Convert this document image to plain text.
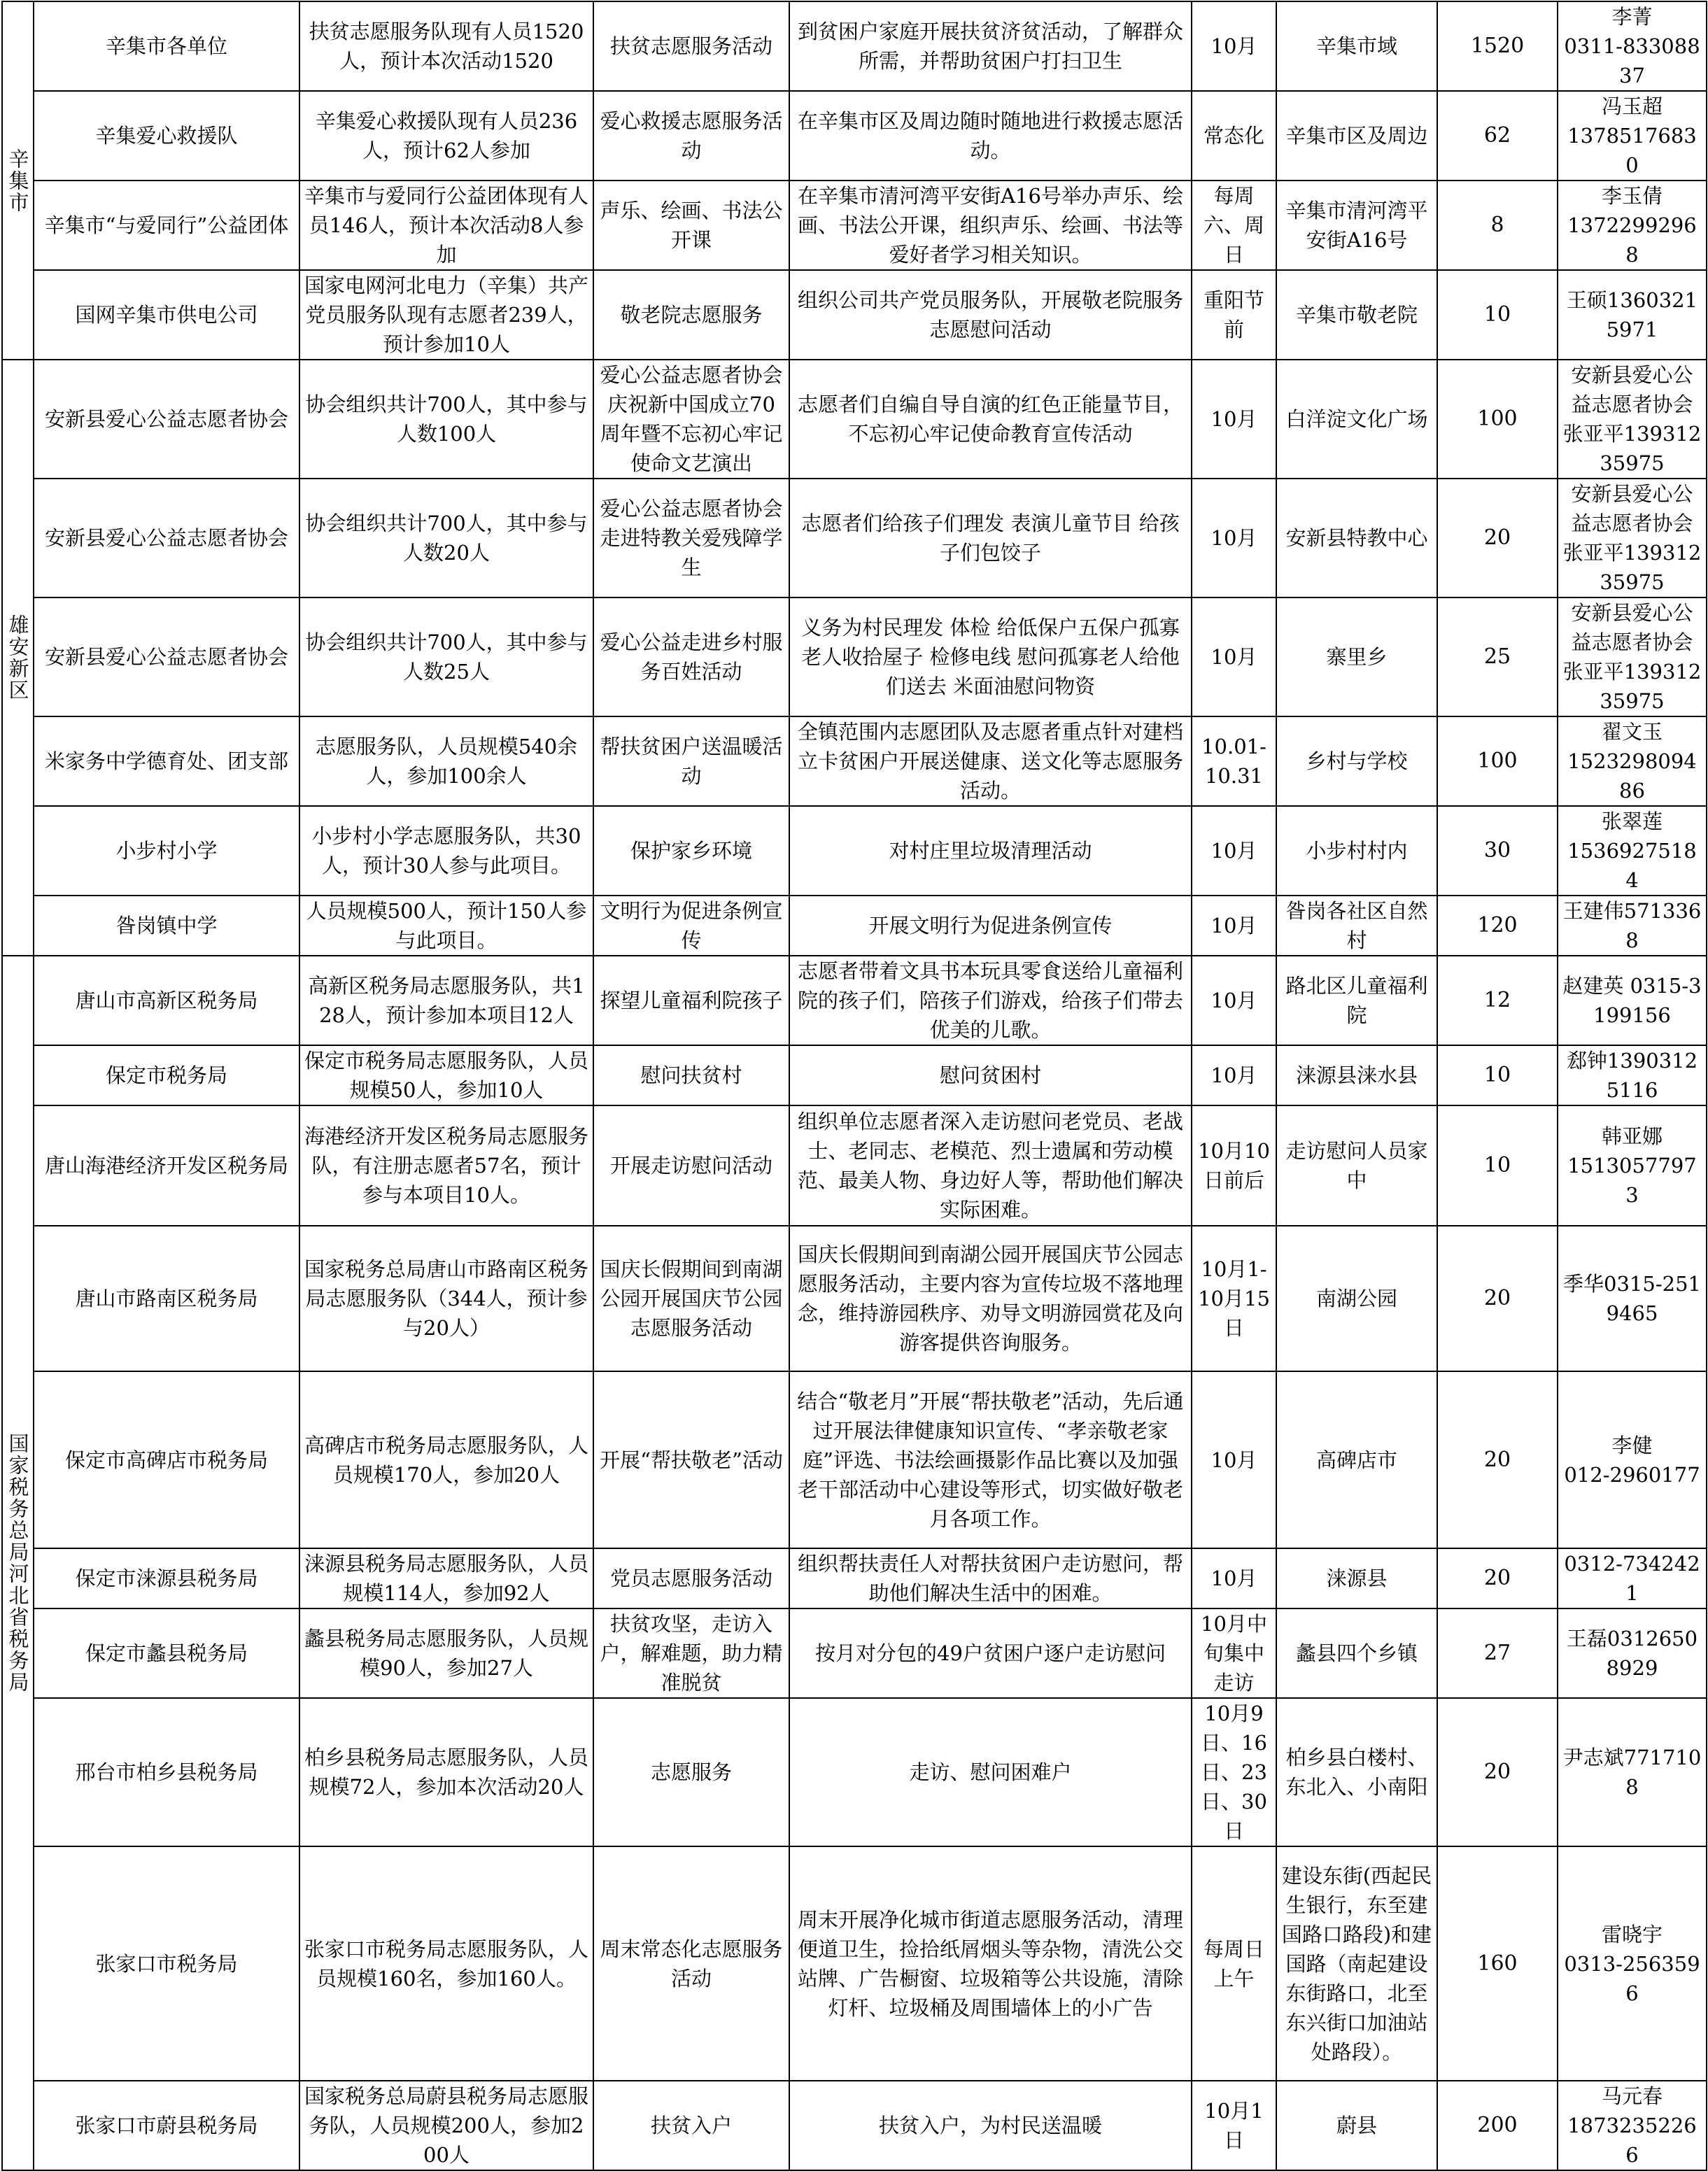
辛集市	辛集市各单位	扶贫志愿服务队现有人员1520人，预计本次活动1520	扶贫志愿服务活动	到贫困户家庭开展扶贫济贫活动，了解群众所需，并帮助贫困户打扫卫生	10月	辛集市域	1520	李菁
0311-83308837
	辛集爱心救援队	辛集爱心救援队现有人员236人，预计62人参加	爱心救援志愿服务活动	在辛集市区及周边随时随地进行救援志愿活动。	常态化	辛集市区及周边	62	冯玉超
13785176830
	辛集市“与爱同行”公益团体	辛集市与爱同行公益团体现有人员146人，预计本次活动8人参加	声乐、绘画、书法公开课	在辛集市清河湾平安街A16号举办声乐、绘画、书法公开课，组织声乐、绘画、书法等爱好者学习相关知识。	每周六、周日	辛集市清河湾平安街A16号	8	李玉倩
13722992968
	国网辛集市供电公司	国家电网河北电力（辛集）共产党员服务队现有志愿者239人，预计参加10人	敬老院志愿服务	组织公司共产党员服务队，开展敬老院服务志愿慰问活动	重阳节前	辛集市敬老院	10	王硕13603215971
雄安新区	安新县爱心公益志愿者协会	协会组织共计700人，其中参与人数100人	爱心公益志愿者协会庆祝新中国成立70周年暨不忘初心牢记使命文艺演出	志愿者们自编自导自演的红色正能量节目，不忘初心牢记使命教育宣传活动	10月	白洋淀文化广场	100	安新县爱心公益志愿者协会张亚平13931235975
	安新县爱心公益志愿者协会	协会组织共计700人，其中参与人数20人	爱心公益志愿者协会走进特教关爱残障学生	志愿者们给孩子们理发 表演儿童节目 给孩子们包饺子	10月	安新县特教中心	20	安新县爱心公益志愿者协会张亚平13931235975
	安新县爱心公益志愿者协会	协会组织共计700人，其中参与人数25人	爱心公益走进乡村服务百姓活动	义务为村民理发 体检 给低保户五保户孤寡老人收拾屋子 检修电线 慰问孤寡老人给他们送去 米面油慰问物资	10月	寨里乡	25	安新县爱心公益志愿者协会张亚平13931235975
	米家务中学德育处、团支部	志愿服务队，人员规模540余人，参加100余人	帮扶贫困户送温暖活动	全镇范围内志愿团队及志愿者重点针对建档立卡贫困户开展送健康、送文化等志愿服务活动。	10.01-10.31	乡村与学校	100	翟文玉
152329809486
	小步村小学	小步村小学志愿服务队，共30人，预计30人参与此项目。	保护家乡环境	对村庄里垃圾清理活动	10月	小步村村内	30	张翠莲
15369275184
	昝岗镇中学	人员规模500人，预计150人参与此项目。	文明行为促进条例宣传	开展文明行为促进条例宣传	10月	昝岗各社区自然村	120	王建伟5713368
国家税务总局河北省税务局	唐山市高新区税务局	高新区税务局志愿服务队，共128人，预计参加本项目12人	探望儿童福利院孩子	志愿者带着文具书本玩具零食送给儿童福利院的孩子们，陪孩子们游戏，给孩子们带去优美的儿歌。	10月	路北区儿童福利院	12	赵建英 0315-3199156
	保定市税务局	保定市税务局志愿服务队，人员规模50人，参加10人	慰问扶贫村	慰问贫困村	10月	涞源县涞水县	10	郄钟13903125116
	唐山海港经济开发区税务局	海港经济开发区税务局志愿服务队，有注册志愿者57名，预计参与本项目10人。	开展走访慰问活动	组织单位志愿者深入走访慰问老党员、老战士、老同志、老模范、烈士遗属和劳动模范、最美人物、身边好人等，帮助他们解决实际困难。	10月10日前后	走访慰问人员家中	10	韩亚娜
15130577973
	唐山市路南区税务局	国家税务总局唐山市路南区税务局志愿服务队（344人，预计参与20人）	国庆长假期间到南湖公园开展国庆节公园志愿服务活动	国庆长假期间到南湖公园开展国庆节公园志愿服务活动，主要内容为宣传垃圾不落地理念，维持游园秩序、劝导文明游园赏花及向游客提供咨询服务。	10月1-10月15日	南湖公园	20	季华0315-2519465
	保定市高碑店市税务局	高碑店市税务局志愿服务队，人员规模170人，参加20人	开展“帮扶敬老”活动	结合“敬老月”开展“帮扶敬老”活动，先后通过开展法律健康知识宣传、“孝亲敬老家庭”评选、书法绘画摄影作品比赛以及加强老干部活动中心建设等形式，切实做好敬老月各项工作。	10月	高碑店市	20	李健
012-2960177
	保定市涞源县税务局	涞源县税务局志愿服务队，人员规模114人，参加92人	党员志愿服务活动	组织帮扶责任人对帮扶贫困户走访慰问，帮助他们解决生活中的困难。	10月	涞源县	20	0312-7342421
	保定市蠡县税务局	蠡县税务局志愿服务队，人员规模90人，参加27人	扶贫攻坚，走访入户，解难题，助力精准脱贫	按月对分包的49户贫困户逐户走访慰问	10月中旬集中走访	蠡县四个乡镇	27	王磊03126508929
	邢台市柏乡县税务局	柏乡县税务局志愿服务队，人员规模72人，参加本次活动20人	志愿服务	走访、慰问困难户	10月9日、16日、23日、30日	柏乡县白楼村、东北入、小南阳	20	尹志斌7717108
	张家口市税务局	张家口市税务局志愿服务队，人员规模160名，参加160人。	周末常态化志愿服务活动	周末开展净化城市街道志愿服务活动，清理便道卫生，捡拾纸屑烟头等杂物，清洗公交站牌、广告橱窗、垃圾箱等公共设施，清除灯杆、垃圾桶及周围墙体上的小广告	每周日上午	建设东街(西起民生银行，东至建国路口路段)和建国路（南起建设东街路口，北至东兴街口加油站处路段）。	160	雷晓宇
0313-2563596
	张家口市蔚县税务局	国家税务总局蔚县税务局志愿服务队，人员规模200人，参加200人	扶贫入户	扶贫入户，为村民送温暖	10月1日	蔚县	200	马元春
18732352266
